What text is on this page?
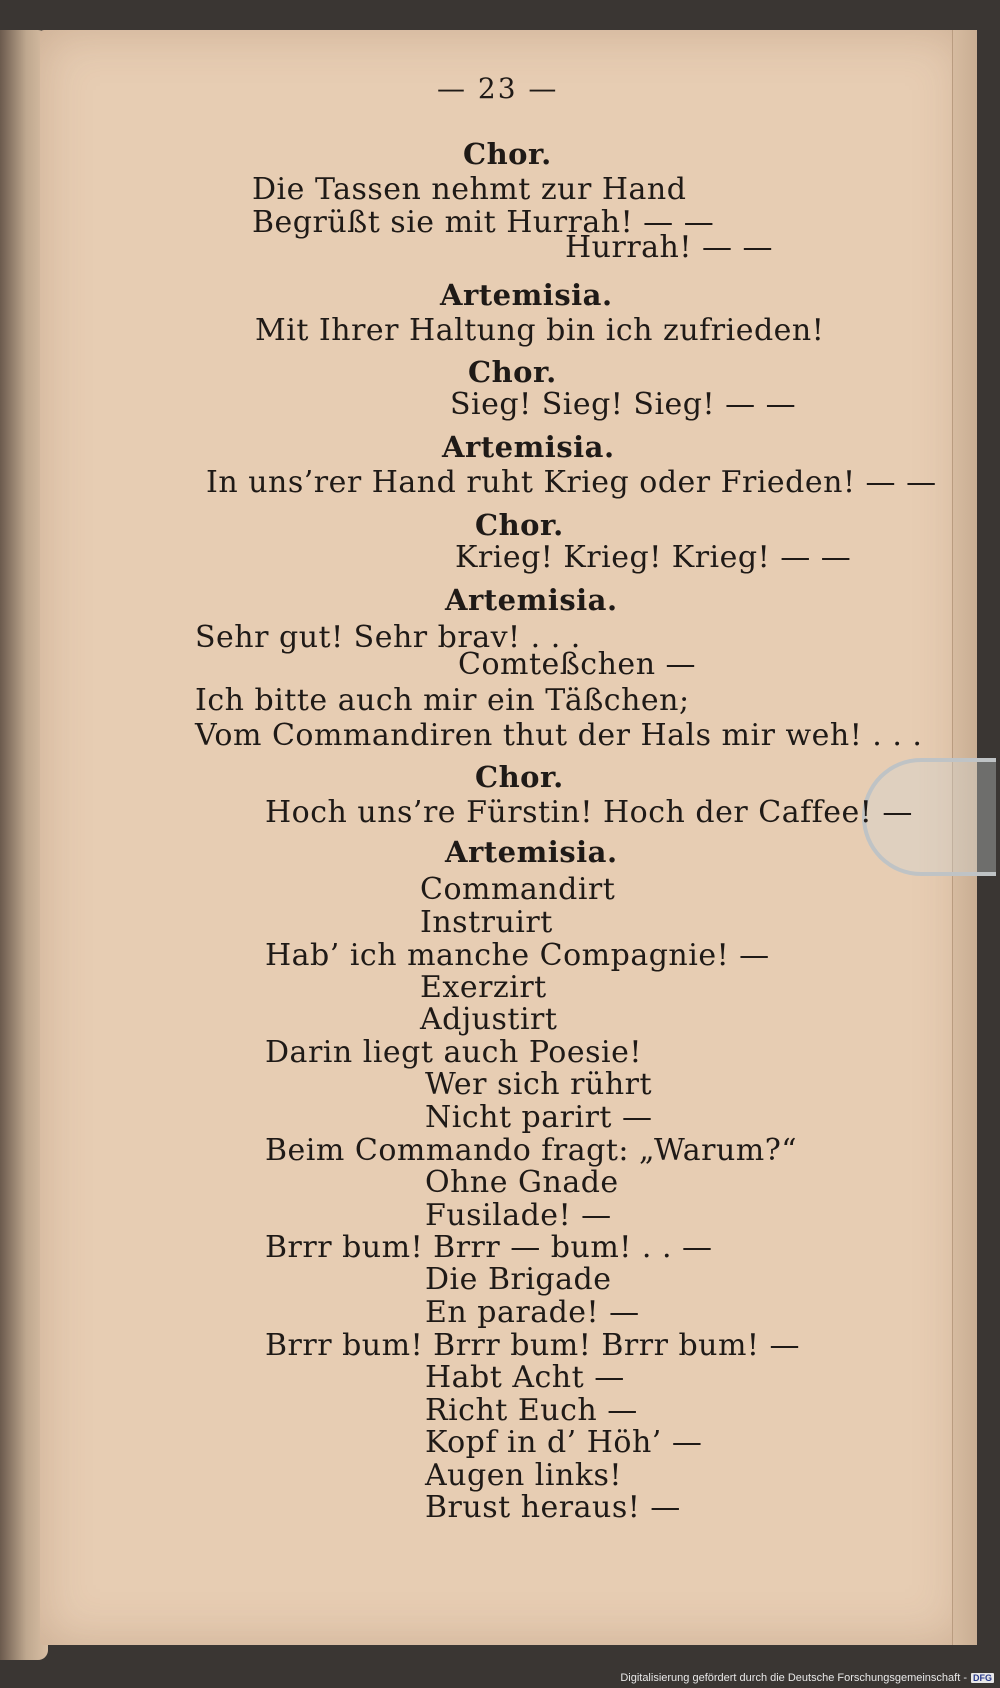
— 23 —
Chor.
Die Tassen nehmt zur Hand
Begrüßt sie mit Hurrah! — —
Hurrah! — —
Artemisia.
Mit Ihrer Haltung bin ich zufrieden!
Chor.
Sieg! Sieg! Sieg! — —
Artemisia.
In uns’rer Hand ruht Krieg oder Frieden! — —
Chor.
Krieg! Krieg! Krieg! — —
Artemisia.
Sehr gut! Sehr brav! . . .
Comteßchen —
Ich bitte auch mir ein Täßchen;
Vom Commandiren thut der Hals mir weh! . . .
Chor.
Hoch uns’re Fürstin! Hoch der Caffee! —
Artemisia.
Commandirt
Instruirt
Hab’ ich manche Compagnie! —
Exerzirt
Adjustirt
Darin liegt auch Poesie!
Wer sich rührt
Nicht parirt —
Beim Commando fragt: „Warum?“
Ohne Gnade
Fusilade! —
Brrr bum! Brrr — bum! . . —
Die Brigade
En parade! —
Brrr bum! Brrr bum! Brrr bum! —
Habt Acht —
Richt Euch —
Kopf in d’ Höh’ —
Augen links!
Brust heraus! —
Digitalisierung gefördert durch die Deutsche Forschungsgemeinschaft - DFG
